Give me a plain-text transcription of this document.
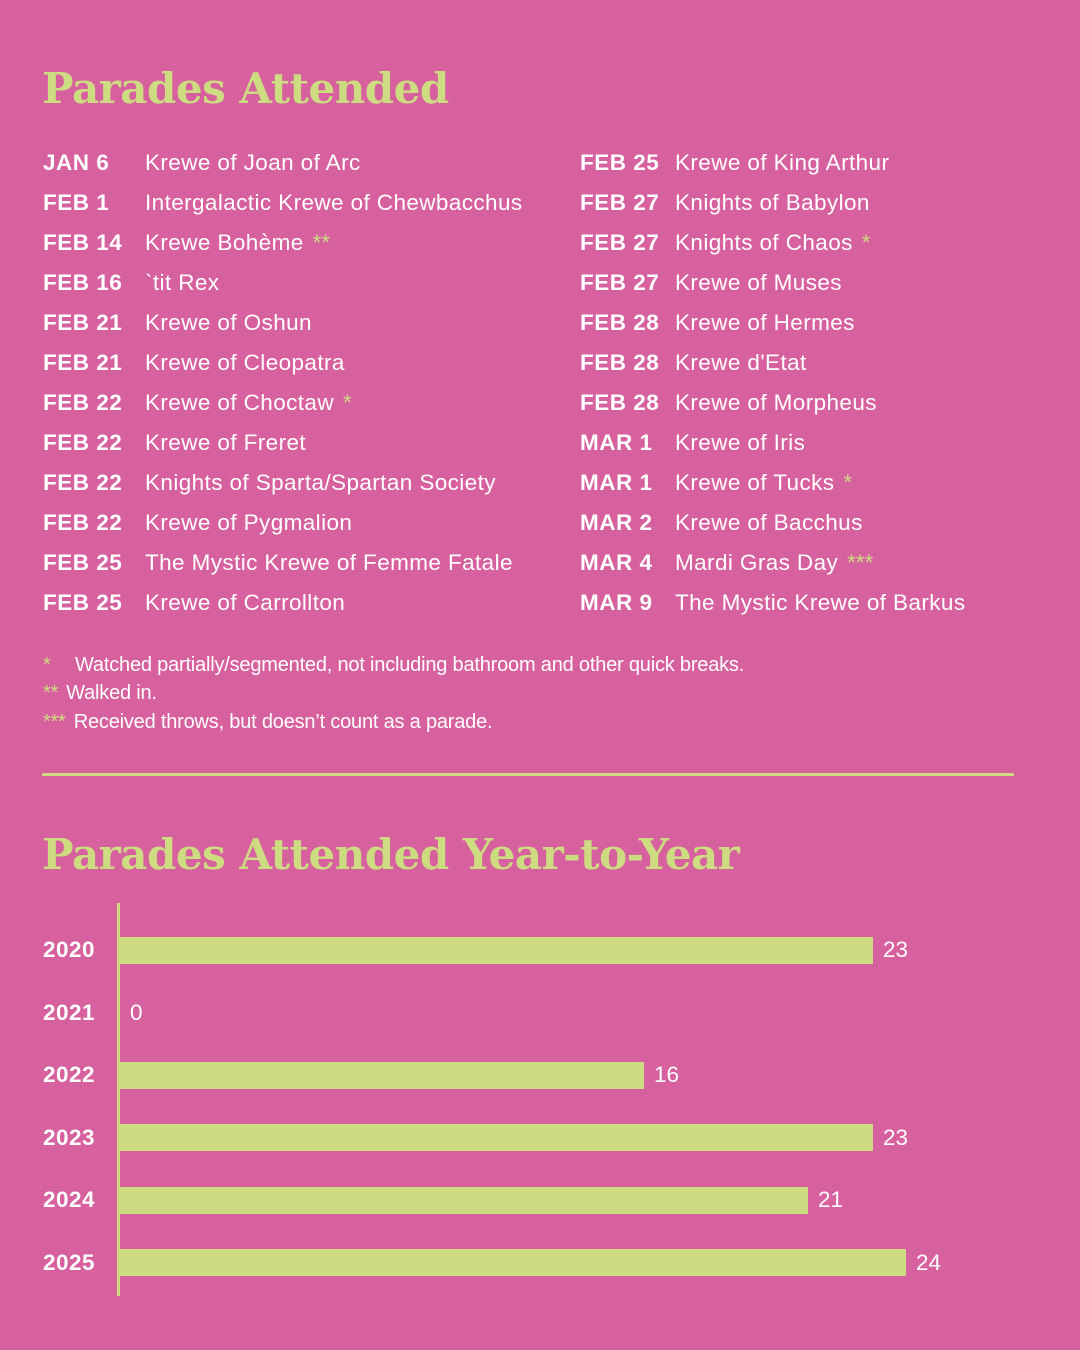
Parades Attended
JAN 6	Krewe of Joan of Arc
FEB 1	Intergalactic Krewe of Chewbacchus
FEB 14	Krewe Bohème **
FEB 16	`tit Rex
FEB 21	Krewe of Oshun
FEB 21	Krewe of Cleopatra
FEB 22	Krewe of Choctaw *
FEB 22	Krewe of Freret
FEB 22	Knights of Sparta/Spartan Society
FEB 22	Krewe of Pygmalion
FEB 25	The Mystic Krewe of Femme Fatale
FEB 25	Krewe of Carrollton
FEB 25 Krewe of King Arthur
FEB 27 Knights of Babylon
FEB 27 Knights of Chaos *
FEB 27 Krewe of Muses
FEB 28 Krewe of Hermes
FEB 28 Krewe d'Etat
FEB 28 Krewe of Morpheus
MAR 1 Krewe of Iris
MAR 1 Krewe of Tucks *
MAR 2 Krewe of Bacchus
MAR 4 Mardi Gras Day ***
MAR 9 The Mystic Krewe of Barkus
*	Watched partially/segmented, not including bathroom and other quick breaks.
** Walked in.
*** Received throws, but doesn’t count as a parade.
Parades Attended Year-to-Year
2020	23
2021	0
2022	16
2023	23
2024	21
2025	24
